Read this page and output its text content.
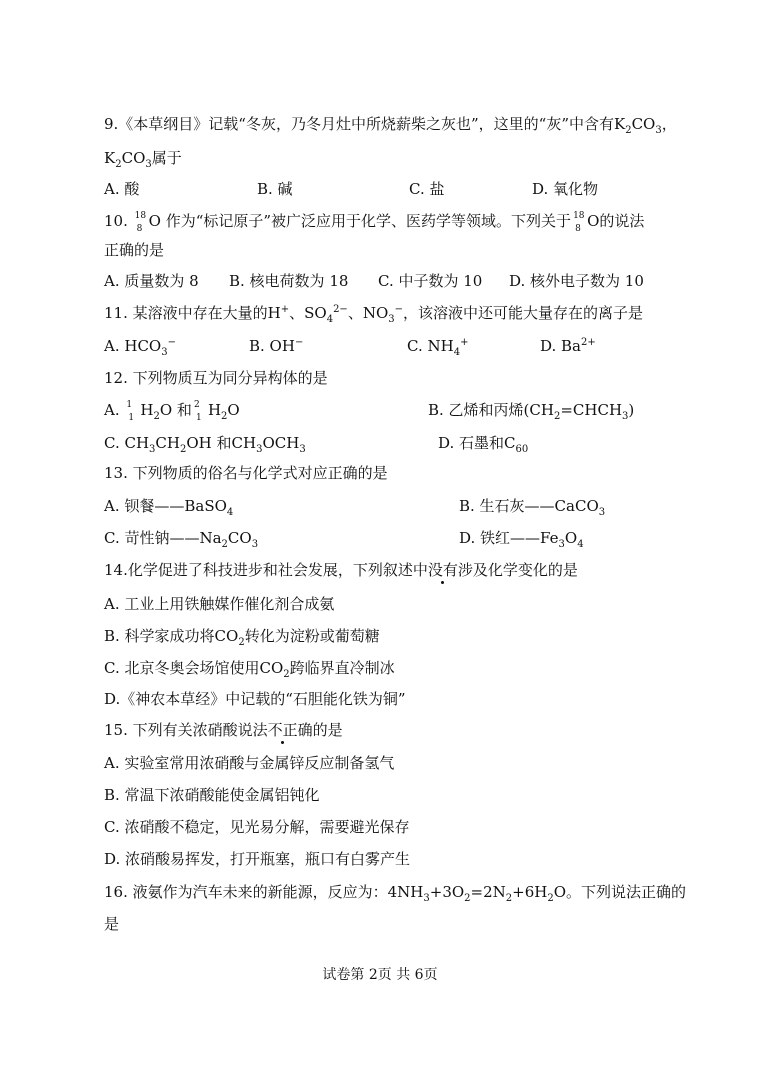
9.《本草纲目》记载“冬灰，乃冬月灶中所烧薪柴之灰也”，这里的“灰”中含有$K_2CO_3$，
$K_2CO_3$属于
A. 酸	B. 碱	C. 盐	D. 氧化物
10. 18
8 O 作为“标记原子”被广泛应用于化学、医药学等领域。下列关于 18
8 O的说法
正确的是
A. 质量数为 8 B. 核电荷数为 18 C. 中子数为 10 D. 核外电子数为 10
11. 某溶液中存在大量的H+、$SO_4^{2-}$、$NO_3^-$，该溶液中还可能大量存在的离子是
A. $HCO_3^-$	B. OH−	C. $NH_4^+$	D. $Ba^{2+}$
12. 下列物质互为同分异构体的是
A. 1
1 $H_2O$ 和 2
1 $H_2O$	B. 乙烯和丙烯$(CH_2=CHCH_3)$
C. $CH_3CH_2OH$ 和$CH_3OCH_3$	D. 石墨和$C_{60}$
13. 下列物质的俗名与化学式对应正确的是
A. 钡餐——BaSO$_4$	B. 生石灰——CaCO$_3$
C. 苛性钠$——Na_2CO_3$	D. 铁红$——Fe_3O_4$
14.化学促进了科技进步和社会发展，下列叙述中没有涉及化学变化的是
A. 工业上用铁触媒作催化剂合成氨
B. 科学家成功将$CO_2$转化为淀粉或葡萄糖
C. 北京冬奥会场馆使用$CO_2$跨临界直冷制冰
D.《神农本草经》中记载的“石胆能化铁为铜”
15. 下列有关浓硝酸说法不正确的是
A. 实验室常用浓硝酸与金属锌反应制备氢气
B. 常温下浓硝酸能使金属铝钝化
C. 浓硝酸不稳定，见光易分解，需要避光保存
D. 浓硝酸易挥发，打开瓶塞，瓶口有白雾产生
16. 液氨作为汽车未来的新能源，反应为：$4NH_3+3O_2=2N_2+6H_2O$。下列说法正确的
是
试卷第 2页 共 6页
